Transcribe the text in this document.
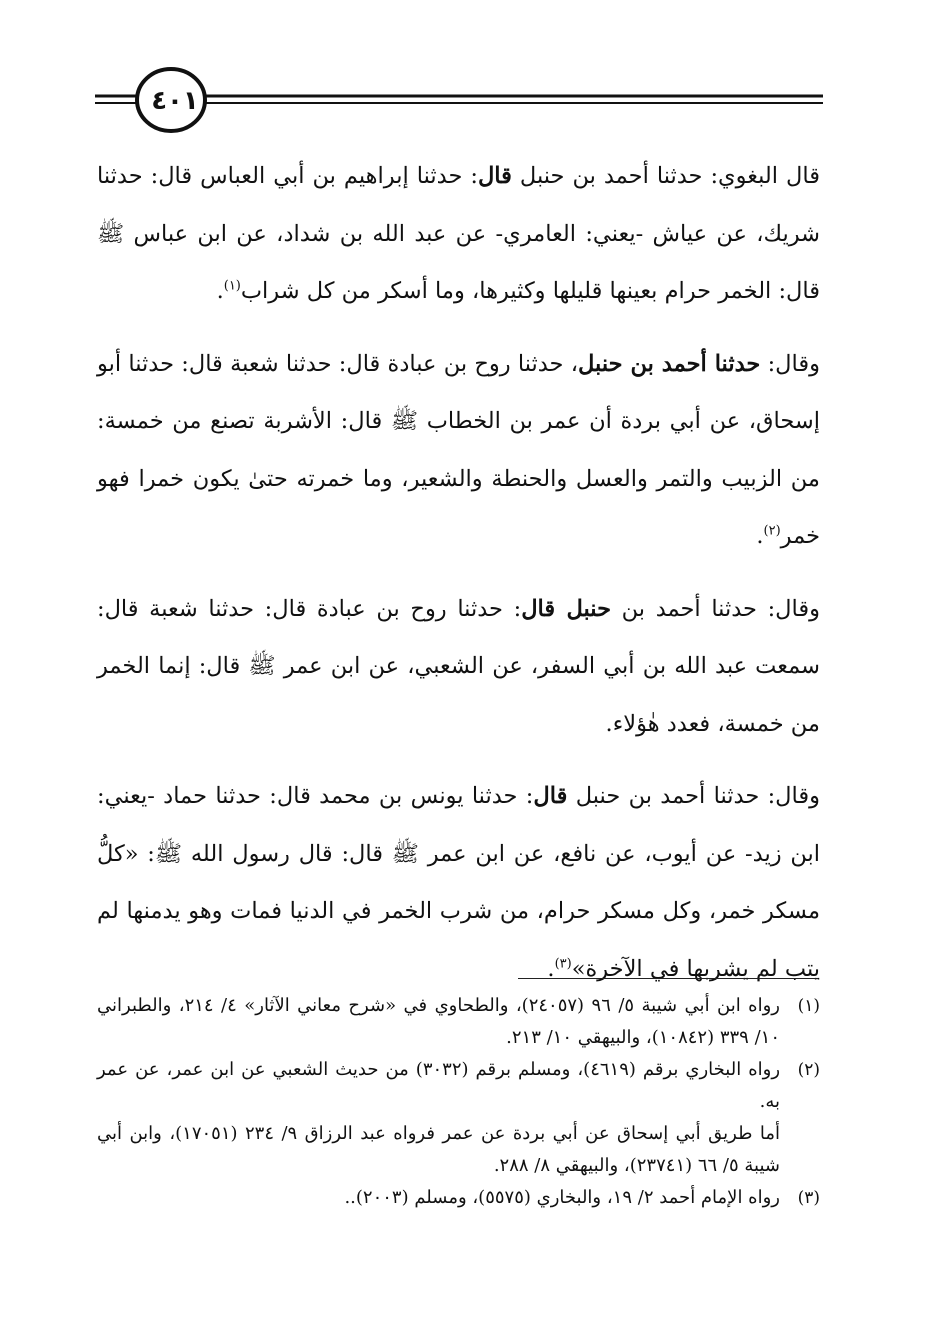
٤٠١

قال البغوي: حدثنا أحمد بن حنبل قال: حدثنا إبراهيم بن أبي العباس قال: حدثنا شريك، عن عياش -يعني: العامري- عن عبد الله بن شداد، عن ابن عباس ﷺ قال: الخمر حرام بعينها قليلها وكثيرها، وما أسكر من كل شراب$^{(١)}$.

وقال: حدثنا أحمد بن حنبل، حدثنا روح بن عبادة قال: حدثنا شعبة قال: حدثنا أبو إسحاق، عن أبي بردة أن عمر بن الخطاب ﷺ قال: الأشربة تصنع من خمسة: من الزبيب والتمر والعسل والحنطة والشعير، وما خمرته حتىٰ يكون خمرا فهو خمر$^{(٢)}$.

وقال: حدثنا أحمد بن حنبل قال: حدثنا روح بن عبادة قال: حدثنا شعبة قال: سمعت عبد الله بن أبي السفر، عن الشعبي، عن ابن عمر ﷺ قال: إنما الخمر من خمسة، فعدد هٰؤلاء.

وقال: حدثنا أحمد بن حنبل قال: حدثنا يونس بن محمد قال: حدثنا حماد -يعني: ابن زيد- عن أيوب، عن نافع، عن ابن عمر ﷺ قال: قال رسول الله ﷺ: «كلُّ مسكر خمر، وكل مسكر حرام، من شرب الخمر في الدنيا فمات وهو يدمنها لم يتب لم يشربها في الآخرة»$^{(٣)}$.

(١)
رواه ابن أبي شيبة ٥/ ٩٦ (٢٤٠٥٧)، والطحاوي في «شرح معاني الآثار» ٤/ ٢١٤، والطبراني ١٠/ ٣٣٩ (١٠٨٤٢)، والبيهقي ١٠/ ٢١٣.
(٢)
رواه البخاري برقم (٤٦١٩)، ومسلم برقم (٣٠٣٢) من حديث الشعبي عن ابن عمر، عن عمر به.
أما طريق أبي إسحاق عن أبي بردة عن عمر فرواه عبد الرزاق ٩/ ٢٣٤ (١٧٠٥١)، وابن أبي شيبة ٥/ ٦٦ (٢٣٧٤١)، والبيهقي ٨/ ٢٨٨.
(٣)
رواه الإمام أحمد ٢/ ١٩، والبخاري (٥٥٧٥)، ومسلم (٢٠٠٣)..
